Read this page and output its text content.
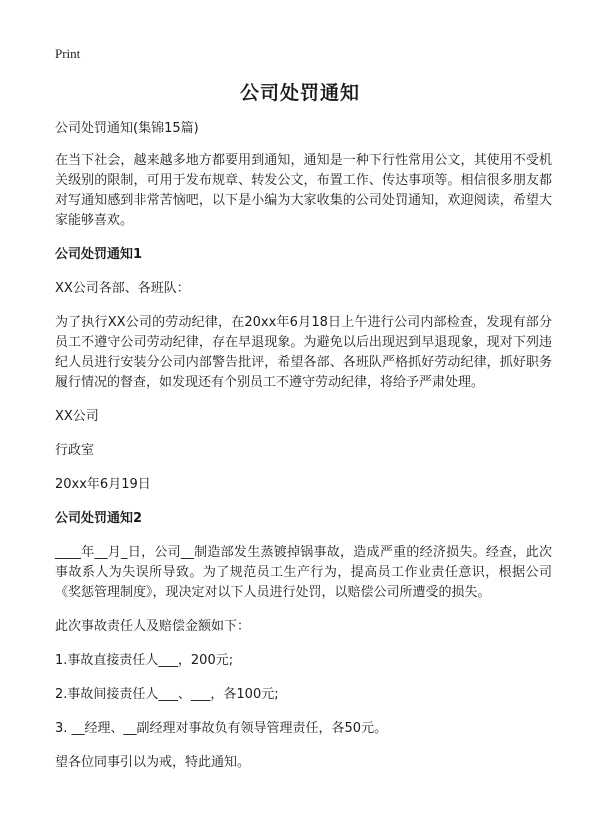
Print
公司处罚通知

公司处罚通知(集锦15篇)

在当下社会，越来越多地方都要用到通知，通知是一种下行性常用公文，其使用不受机关级别的限制，可用于发布规章、转发公文，布置工作、传达事项等。相信很多朋友都对写通知感到非常苦恼吧，以下是小编为大家收集的公司处罚通知，欢迎阅读，希望大家能够喜欢。

公司处罚通知1

XX公司各部、各班队：

为了执行XX公司的劳动纪律，在20xx年6月18日上午进行公司内部检查，发现有部分员工不遵守公司劳动纪律，存在早退现象。为避免以后出现迟到早退现象，现对下列违纪人员进行安装分公司内部警告批评，希望各部、各班队严格抓好劳动纪律，抓好职务履行情况的督查，如发现还有个别员工不遵守劳动纪律，将给予严肃处理。

XX公司

行政室

20xx年6月19日

公司处罚通知2

____年__月_日，公司__制造部发生蒸镀掉锅事故，造成严重的经济损失。经查，此次事故系人为失误所导致。为了规范员工生产行为，提高员工作业责任意识，根据公司《奖惩管理制度》，现决定对以下人员进行处罚，以赔偿公司所遭受的损失。

此次事故责任人及赔偿金额如下：

1.事故直接责任人___，200元;

2.事故间接责任人___、___，各100元;

3. __经理、__副经理对事故负有领导管理责任，各50元。

望各位同事引以为戒，特此通知。
